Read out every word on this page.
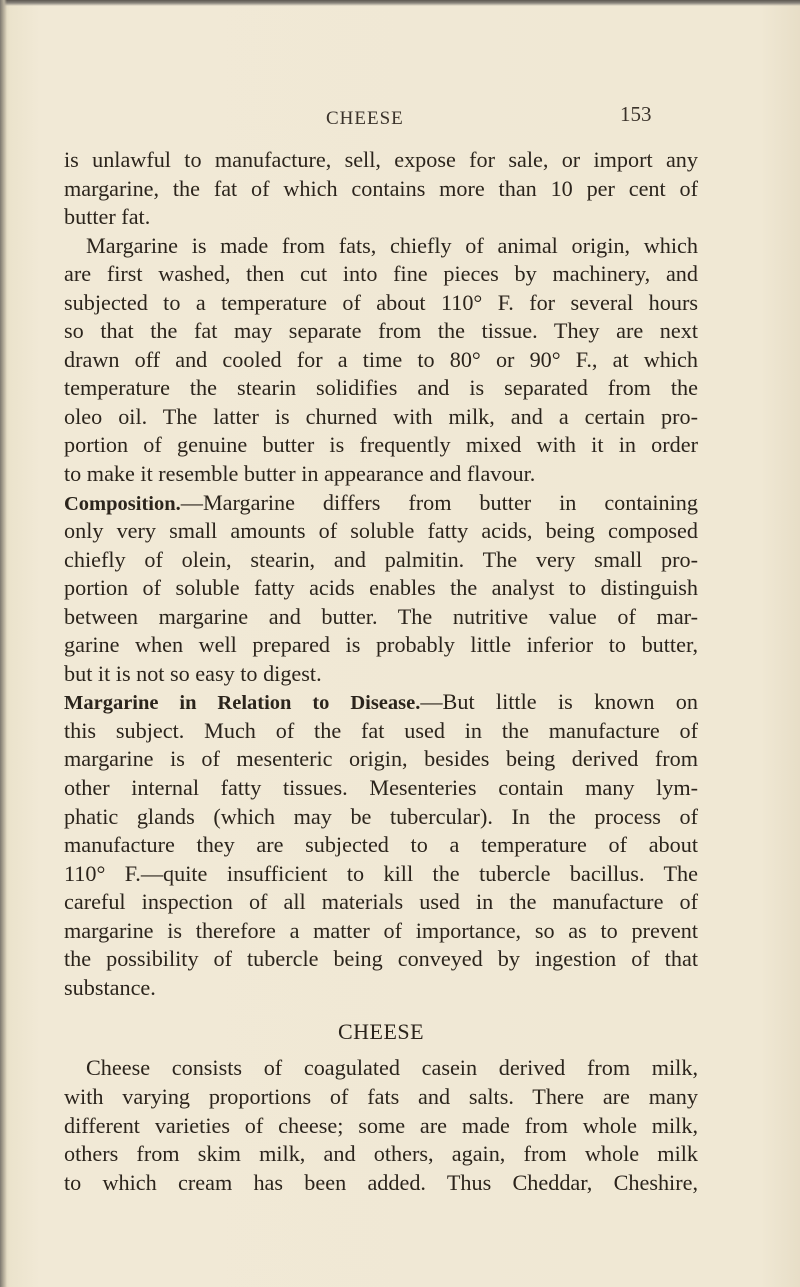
CHEESE	153
is unlawful to manufacture, sell, expose for sale, or import any
margarine, the fat of which contains more than 10 per cent of
butter fat.
Margarine is made from fats, chiefly of animal origin, which
are first washed, then cut into fine pieces by machinery, and
subjected to a temperature of about 110° F. for several hours
so that the fat may separate from the tissue. They are next
drawn off and cooled for a time to 80° or 90° F., at which
temperature the stearin solidifies and is separated from the
oleo oil. The latter is churned with milk, and a certain pro-
portion of genuine butter is frequently mixed with it in order
to make it resemble butter in appearance and flavour.
Composition.—Margarine differs from butter in containing
only very small amounts of soluble fatty acids, being composed
chiefly of olein, stearin, and palmitin. The very small pro-
portion of soluble fatty acids enables the analyst to distinguish
between margarine and butter. The nutritive value of mar-
garine when well prepared is probably little inferior to butter,
but it is not so easy to digest.
Margarine in Relation to Disease.—But little is known on
this subject. Much of the fat used in the manufacture of
margarine is of mesenteric origin, besides being derived from
other internal fatty tissues. Mesenteries contain many lym-
phatic glands (which may be tubercular). In the process of
manufacture they are subjected to a temperature of about
110° F.—quite insufficient to kill the tubercle bacillus. The
careful inspection of all materials used in the manufacture of
margarine is therefore a matter of importance, so as to prevent
the possibility of tubercle being conveyed by ingestion of that
substance.
CHEESE
Cheese consists of coagulated casein derived from milk,
with varying proportions of fats and salts. There are many
different varieties of cheese; some are made from whole milk,
others from skim milk, and others, again, from whole milk
to which cream has been added. Thus Cheddar, Cheshire,
